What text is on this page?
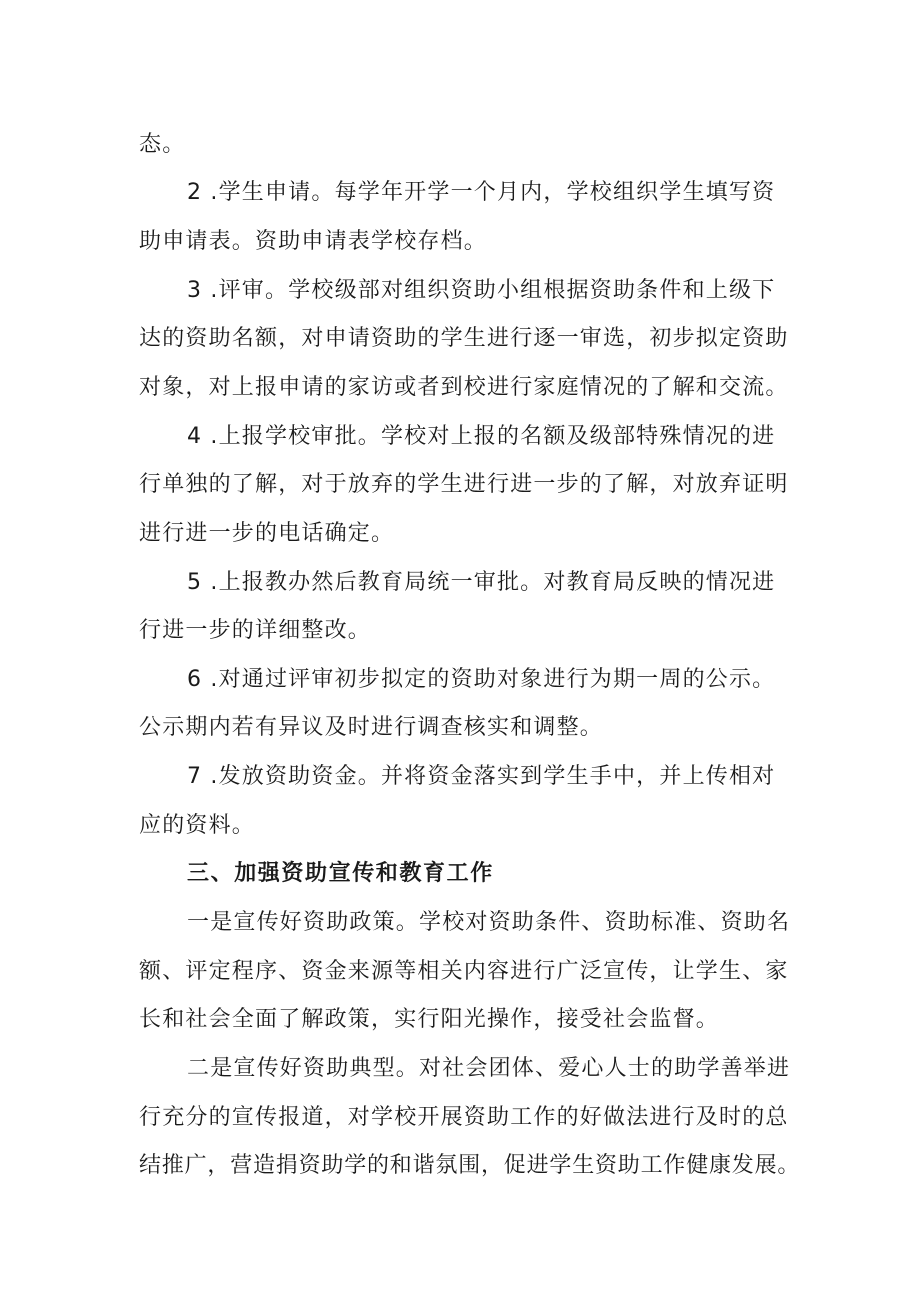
态。
2 .学生申请。每学年开学一个月内，学校组织学生填写资
助申请表。资助申请表学校存档。
3 .评审。学校级部对组织资助小组根据资助条件和上级下
达的资助名额，对申请资助的学生进行逐一审选，初步拟定资助
对象，对上报申请的家访或者到校进行家庭情况的了解和交流。
4 .上报学校审批。学校对上报的名额及级部特殊情况的进
行单独的了解，对于放弃的学生进行进一步的了解，对放弃证明
进行进一步的电话确定。
5 .上报教办然后教育局统一审批。对教育局反映的情况进
行进一步的详细整改。
6 .对通过评审初步拟定的资助对象进行为期一周的公示。
公示期内若有异议及时进行调查核实和调整。
7 .发放资助资金。并将资金落实到学生手中，并上传相对
应的资料。
三、加强资助宣传和教育工作
一是宣传好资助政策。学校对资助条件、资助标准、资助名
额、评定程序、资金来源等相关内容进行广泛宣传，让学生、家
长和社会全面了解政策，实行阳光操作，接受社会监督。
二是宣传好资助典型。对社会团体、爱心人士的助学善举进
行充分的宣传报道，对学校开展资助工作的好做法进行及时的总
结推广，营造捐资助学的和谐氛围，促进学生资助工作健康发展。
